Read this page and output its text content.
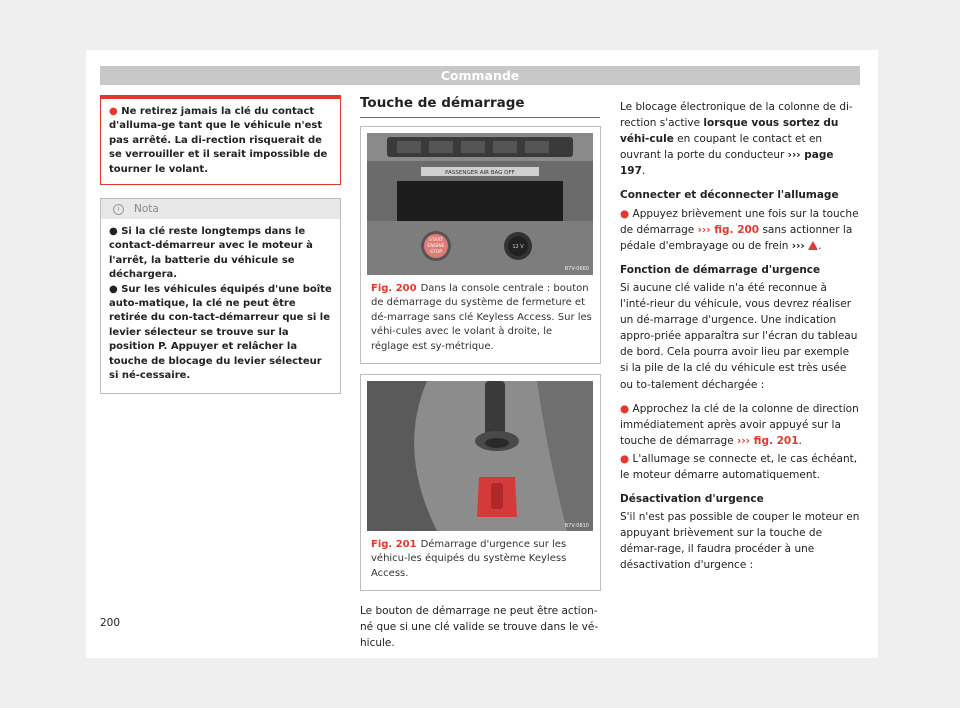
Commande
● Ne retirez jamais la clé du contact d'alluma-ge tant que le véhicule n'est pas arrêté. La di-rection risquerait de se verrouiller et il serait impossible de tourner le volant.
i Nota

● Si la clé reste longtemps dans le contact-démarreur avec le moteur à l'arrêt, la batterie du véhicule se déchargera.

● Sur les véhicules équipés d'une boîte auto-matique, la clé ne peut être retirée du con-tact-démarreur que si le levier sélecteur se trouve sur la position P. Appuyer et relâcher la touche de blocage du levier sélecteur si né-cessaire.

Touche de démarrage
PASSENGER AIR BAG OFF
START
ENGINE
STOP
12 V
B7V-0660
Fig. 200 Dans la console centrale : bouton de démarrage du système de fermeture et dé-marrage sans clé Keyless Access. Sur les véhi-cules avec le volant à droite, le réglage est sy-métrique.
B7V-0810
Fig. 201 Démarrage d'urgence sur les véhicu-les équipés du système Keyless Access.

Le bouton de démarrage ne peut être action-né que si une clé valide se trouve dans le vé-hicule.

Le blocage électronique de la colonne de di-rection s'active lorsque vous sortez du véhi-cule en coupant le contact et en ouvrant la porte du conducteur ››› page 197.

Connecter et déconnecter l'allumage

● Appuyez brièvement une fois sur la touche de démarrage ››› fig. 200 sans actionner la pédale d'embrayage ou de frein ››› .

Fonction de démarrage d'urgence

Si aucune clé valide n'a été reconnue à l'inté-rieur du véhicule, vous devrez réaliser un dé-marrage d'urgence. Une indication appro-priée apparaîtra sur l'écran du tableau de bord. Cela pourra avoir lieu par exemple si la pile de la clé du véhicule est très usée ou to-talement déchargée :

● Approchez la clé de la colonne de direction immédiatement après avoir appuyé sur la touche de démarrage ››› fig. 201.

● L'allumage se connecte et, le cas échéant, le moteur démarre automatiquement.

Désactivation d'urgence

S'il n'est pas possible de couper le moteur en appuyant brièvement sur la touche de démar-rage, il faudra procéder à une désactivation d'urgence :

200
